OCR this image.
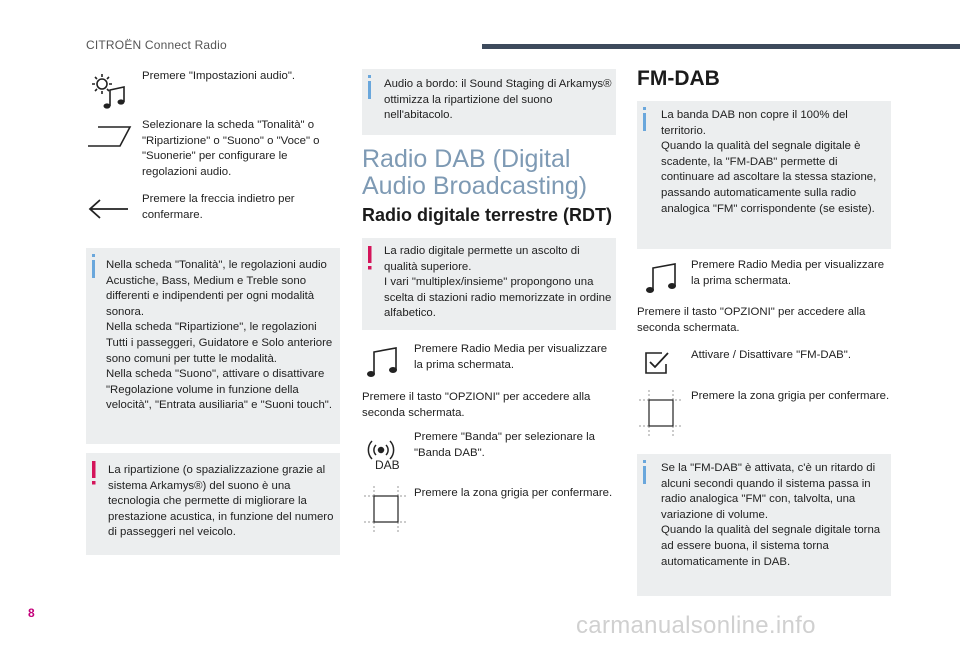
CITROËN Connect Radio
Premere "Impostazioni audio".
Selezionare la scheda "Tonalità" o "Ripartizione" o "Suono" o "Voce" o "Suonerie" per configurare le regolazioni audio.
Premere la freccia indietro per confermare.
Nella scheda "Tonalità", le regolazioni audio Acustiche, Bass, Medium e Treble sono differenti e indipendenti per ogni modalità sonora.
Nella scheda "Ripartizione", le regolazioni Tutti i passeggeri, Guidatore e Solo anteriore sono comuni per tutte le modalità.
Nella scheda "Suono", attivare o disattivare "Regolazione volume in funzione della velocità", "Entrata ausiliaria" e "Suoni touch".
La ripartizione (o spazializzazione grazie al sistema Arkamys®) del suono è una tecnologia che permette di migliorare la prestazione acustica, in funzione del numero di passeggeri nel veicolo.
Audio a bordo: il Sound Staging di Arkamys® ottimizza la ripartizione del suono nell'abitacolo.
Radio DAB (Digital Audio Broadcasting)
Radio digitale terrestre (RDT)
La radio digitale permette un ascolto di qualità superiore.
I vari "multiplex/insieme" propongono una scelta di stazioni radio memorizzate in ordine alfabetico.
Premere Radio Media per visualizzare la prima schermata.
Premere il tasto "OPZIONI" per accedere alla seconda schermata.
DAB
Premere "Banda" per selezionare la "Banda DAB".
Premere la zona grigia per confermare.
FM-DAB
La banda DAB non copre il 100% del territorio.
Quando la qualità del segnale digitale è scadente, la "FM-DAB" permette di continuare ad ascoltare la stessa stazione, passando automaticamente sulla radio analogica "FM" corrispondente (se esiste).
Premere Radio Media per visualizzare la prima schermata.
Premere il tasto "OPZIONI" per accedere alla seconda schermata.
Attivare / Disattivare "FM-DAB".
Premere la zona grigia per confermare.
Se la "FM-DAB" è attivata, c'è un ritardo di alcuni secondi quando il sistema passa in radio analogica "FM" con, talvolta, una variazione di volume.
Quando la qualità del segnale digitale torna ad essere buona, il sistema torna automaticamente in DAB.
8	carmanualsonline.info
